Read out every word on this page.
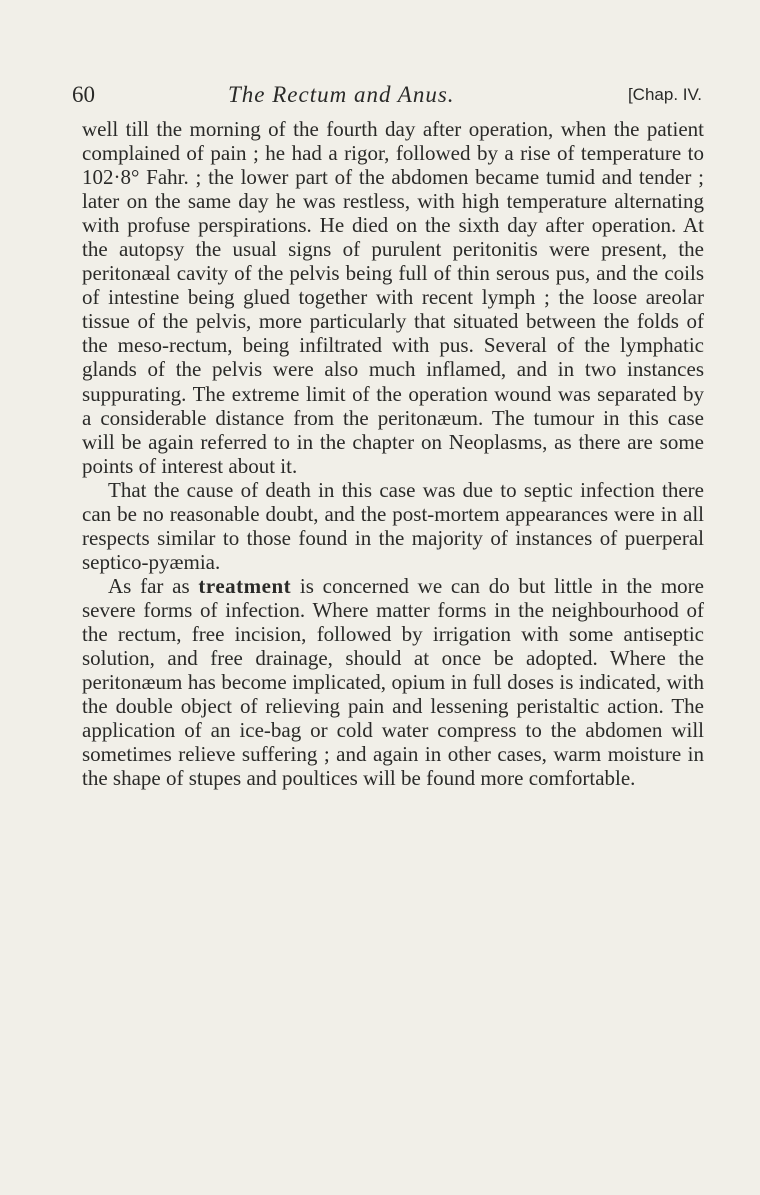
60	The Rectum and Anus.	[Chap. IV.

well till the morning of the fourth day after operation, when the patient complained of pain ; he had a rigor, followed by a rise of temperature to 102·8° Fahr. ; the lower part of the abdomen became tumid and tender ; later on the same day he was restless, with high temperature alternating with profuse perspirations. He died on the sixth day after operation. At the autopsy the usual signs of purulent peritonitis were present, the peritonæal cavity of the pelvis being full of thin serous pus, and the coils of intestine being glued together with recent lymph ; the loose areolar tissue of the pelvis, more particularly that situated between the folds of the meso-rectum, being infiltrated with pus. Several of the lymphatic glands of the pelvis were also much inflamed, and in two instances suppurating. The extreme limit of the operation wound was separated by a considerable distance from the peritonæum. The tumour in this case will be again referred to in the chapter on Neoplasms, as there are some points of interest about it.

That the cause of death in this case was due to septic infection there can be no reasonable doubt, and the post-mortem appearances were in all respects similar to those found in the majority of instances of puerperal septico-pyæmia.

As far as treatment is concerned we can do but little in the more severe forms of infection. Where matter forms in the neighbourhood of the rectum, free incision, followed by irrigation with some antiseptic solution, and free drainage, should at once be adopted. Where the peritonæum has become implicated, opium in full doses is indicated, with the double object of relieving pain and lessening peristaltic action. The application of an ice-bag or cold water compress to the abdomen will sometimes relieve suffering ; and again in other cases, warm moisture in the shape of stupes and poultices will be found more comfortable.
